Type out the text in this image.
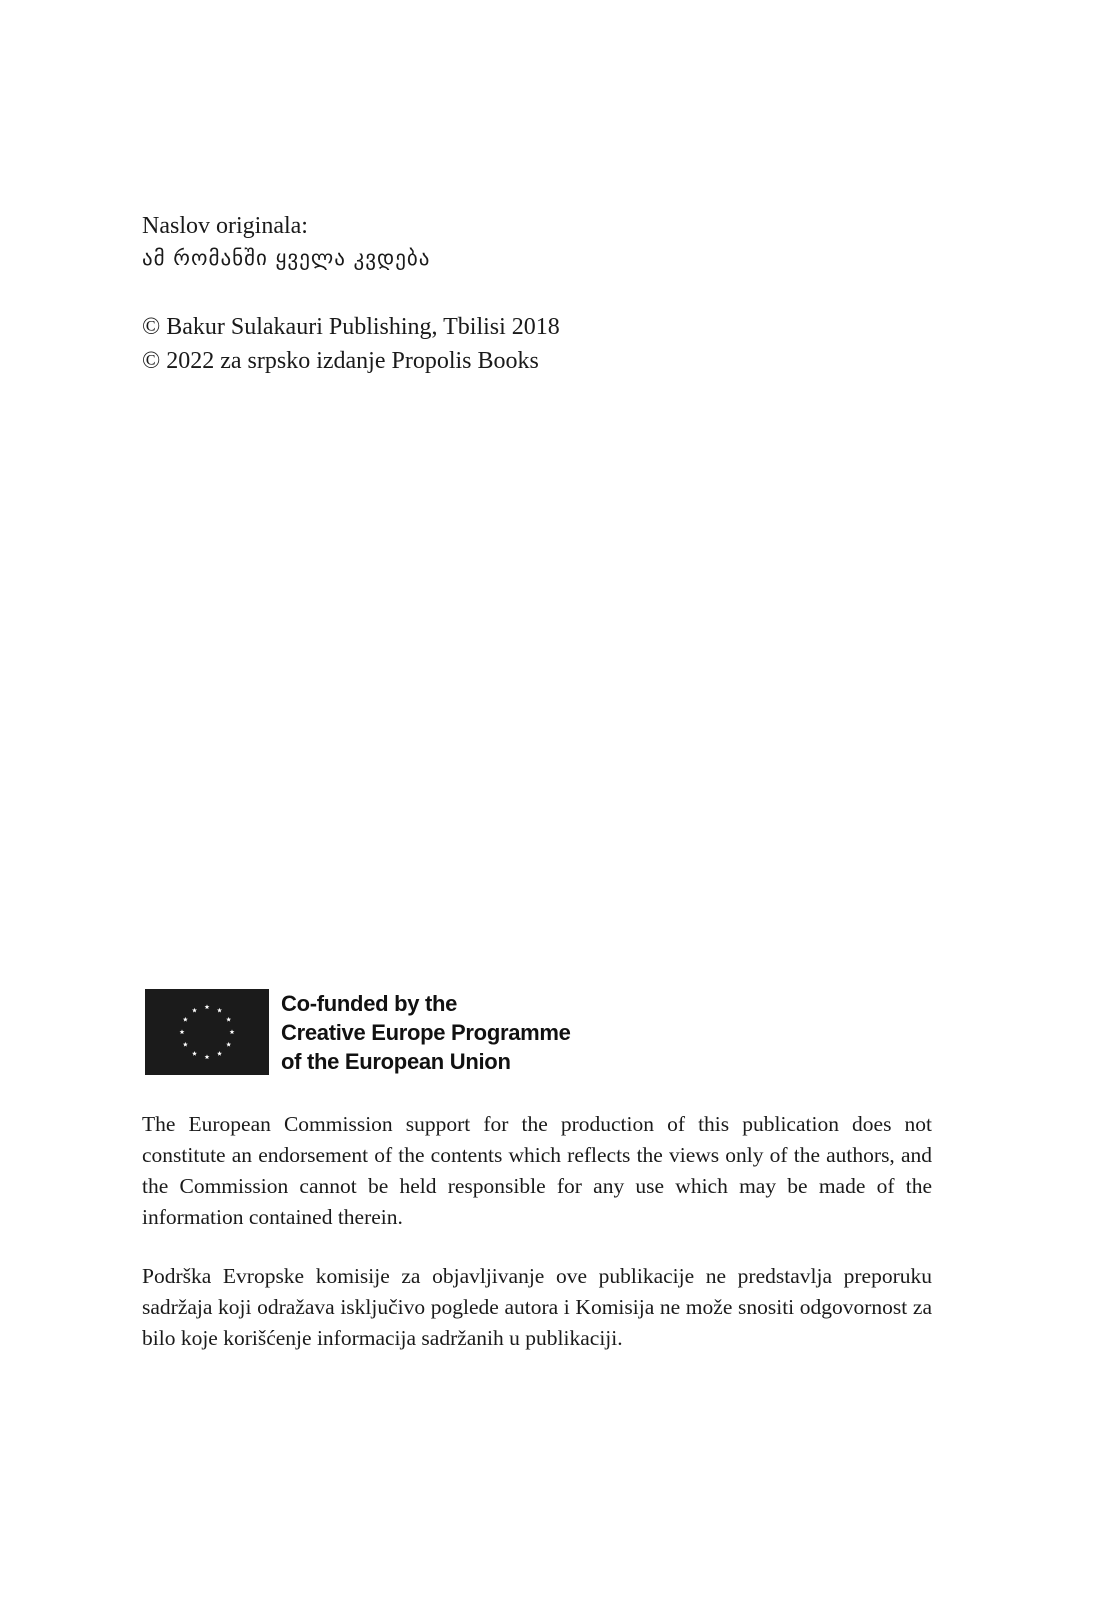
Naslov originala:
ამ რომანში ყველა კვდება
© Bakur Sulakauri Publishing, Tbilisi 2018
© 2022 za srpsko izdanje Propolis Books
Co-funded by the
Creative Europe Programme
of the European Union
The European Commission support for the production of this publication does not constitute an endorsement of the contents which reflects the views only of the authors, and the Commission cannot be held responsible for any use which may be made of the information contained therein.
Podrška Evropske komisije za objavljivanje ove publikacije ne predstavlja preporuku sadržaja koji odražava isključivo poglede autora i Komisija ne može snositi odgovornost za bilo koje korišćenje informacija sadržanih u publikaciji.
